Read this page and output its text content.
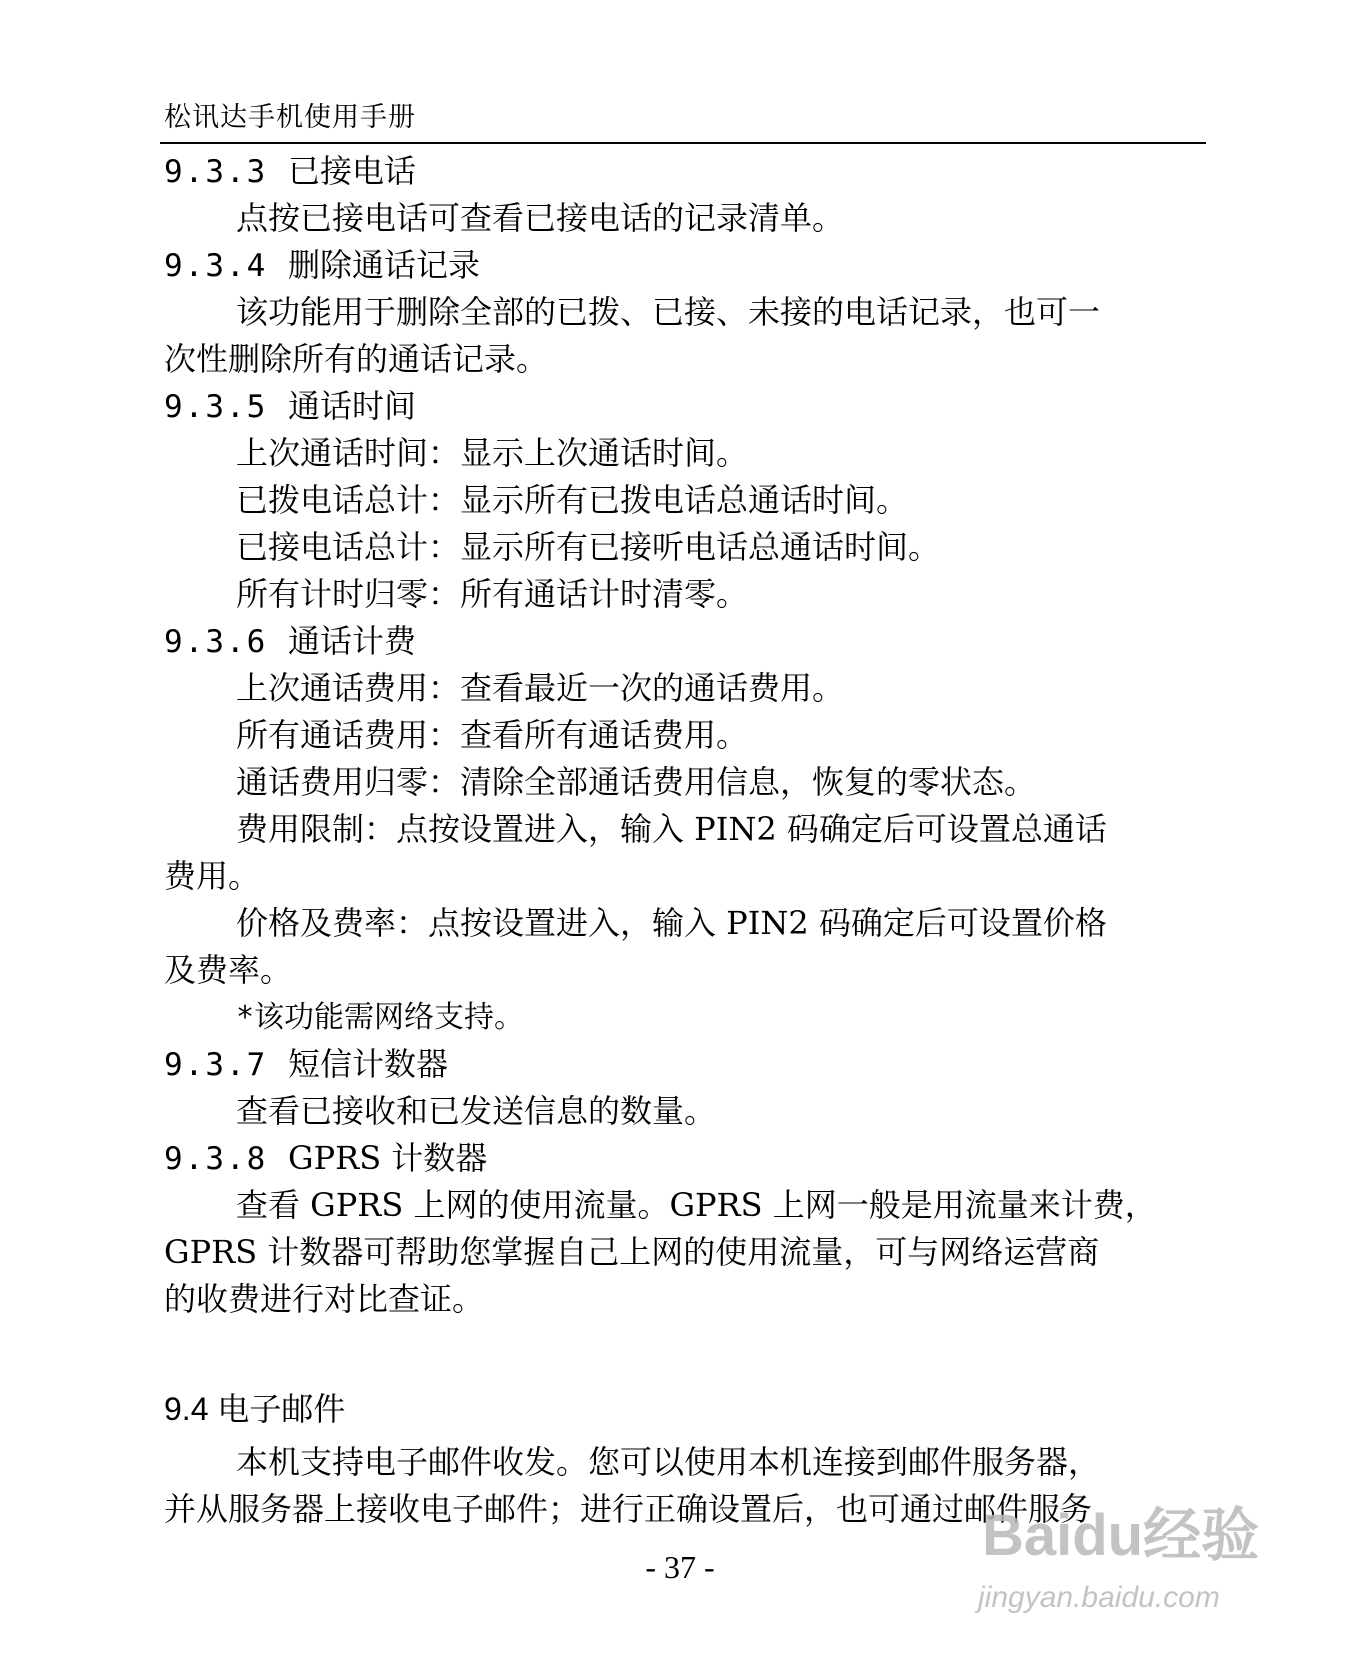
松讯达手机使用手册
9.3.3 已接电话
点按已接电话可查看已接电话的记录清单。
9.3.4 删除通话记录
该功能用于删除全部的已拨、已接、未接的电话记录，也可一
次性删除所有的通话记录。
9.3.5 通话时间
上次通话时间：显示上次通话时间。
已拨电话总计：显示所有已拨电话总通话时间。
已接电话总计：显示所有已接听电话总通话时间。
所有计时归零：所有通话计时清零。
9.3.6 通话计费
上次通话费用：查看最近一次的通话费用。
所有通话费用：查看所有通话费用。
通话费用归零：清除全部通话费用信息，恢复的零状态。
费用限制：点按设置进入，输入 PIN2 码确定后可设置总通话
费用。
价格及费率：点按设置进入，输入 PIN2 码确定后可设置价格
及费率。
*该功能需网络支持。
9.3.7 短信计数器
查看已接收和已发送信息的数量。
9.3.8 GPRS 计数器
查看 GPRS 上网的使用流量。GPRS 上网一般是用流量来计费，
GPRS 计数器可帮助您掌握自己上网的使用流量，可与网络运营商
的收费进行对比查证。
9.4 电子邮件
本机支持电子邮件收发。您可以使用本机连接到邮件服务器，
并从服务器上接收电子邮件；进行正确设置后，也可通过邮件服务
- 37 -	Baidu经验
jingyan.baidu.com
